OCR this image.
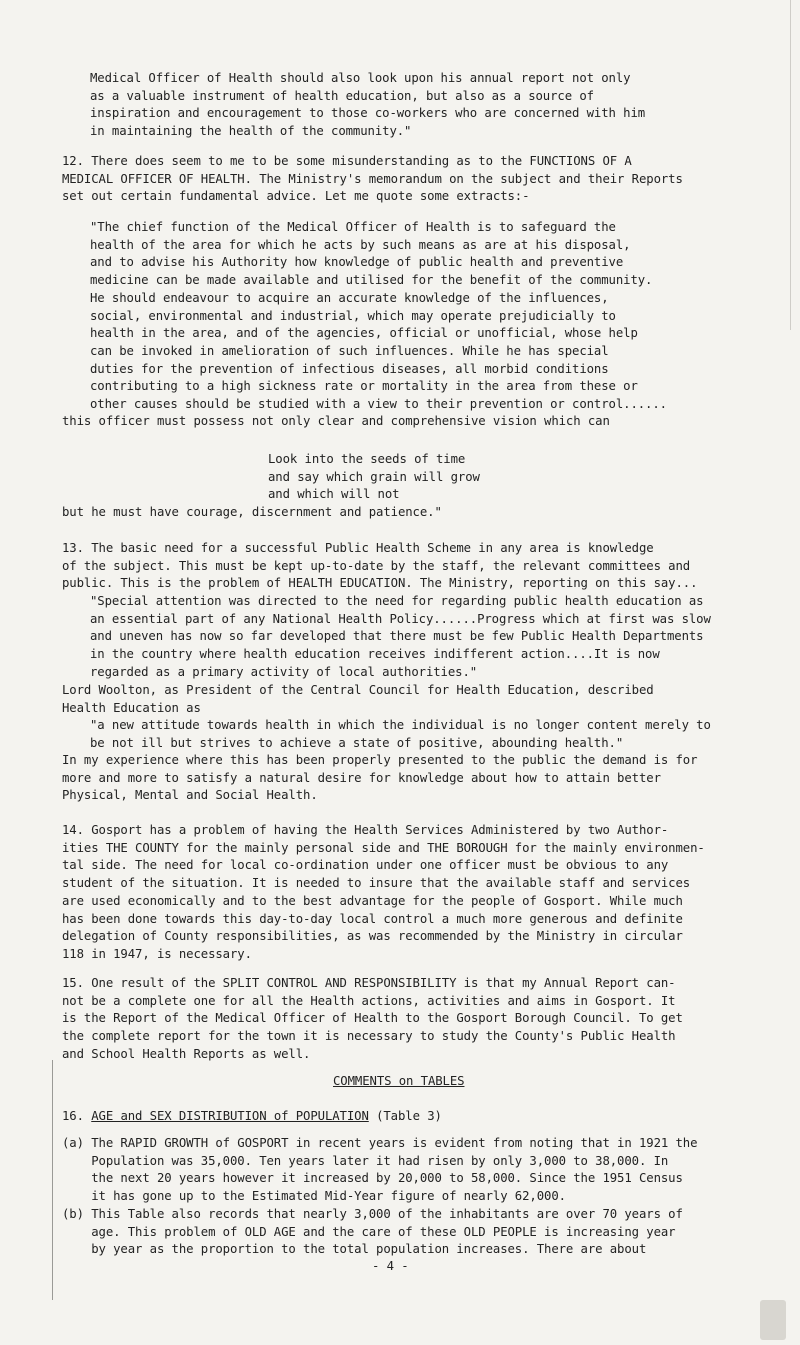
Medical Officer of Health should also look upon his annual report not only
as a valuable instrument of health education, but also as a source of
inspiration and encouragement to those co-workers who are concerned with him
in maintaining the health of the community."
12. There does seem to me to be some misunderstanding as to the FUNCTIONS OF A
MEDICAL OFFICER OF HEALTH. The Ministry's memorandum on the subject and their Reports
set out certain fundamental advice. Let me quote some extracts:-
"The chief function of the Medical Officer of Health is to safeguard the
health of the area for which he acts by such means as are at his disposal,
and to advise his Authority how knowledge of public health and preventive
medicine can be made available and utilised for the benefit of the community.
He should endeavour to acquire an accurate knowledge of the influences,
social, environmental and industrial, which may operate prejudicially to
health in the area, and of the agencies, official or unofficial, whose help
can be invoked in amelioration of such influences. While he has special
duties for the prevention of infectious diseases, all morbid conditions
contributing to a high sickness rate or mortality in the area from these or
other causes should be studied with a view to their prevention or control......
this officer must possess not only clear and comprehensive vision which can
Look into the seeds of time
and say which grain will grow
and which will not
but he must have courage, discernment and patience."
13. The basic need for a successful Public Health Scheme in any area is knowledge
of the subject. This must be kept up-to-date by the staff, the relevant committees and
public. This is the problem of HEALTH EDUCATION. The Ministry, reporting on this say...
"Special attention was directed to the need for regarding public health education as
an essential part of any National Health Policy......Progress which at first was slow
and uneven has now so far developed that there must be few Public Health Departments
in the country where health education receives indifferent action....It is now
regarded as a primary activity of local authorities."
Lord Woolton, as President of the Central Council for Health Education, described
Health Education as
"a new attitude towards health in which the individual is no longer content merely to
be not ill but strives to achieve a state of positive, abounding health."
In my experience where this has been properly presented to the public the demand is for
more and more to satisfy a natural desire for knowledge about how to attain better
Physical, Mental and Social Health.
14. Gosport has a problem of having the Health Services Administered by two Author-
ities THE COUNTY for the mainly personal side and THE BOROUGH for the mainly environmen-
tal side. The need for local co-ordination under one officer must be obvious to any
student of the situation. It is needed to insure that the available staff and services
are used economically and to the best advantage for the people of Gosport. While much
has been done towards this day-to-day local control a much more generous and definite
delegation of County responsibilities, as was recommended by the Ministry in circular
118 in 1947, is necessary.
15. One result of the SPLIT CONTROL AND RESPONSIBILITY is that my Annual Report can-
not be a complete one for all the Health actions, activities and aims in Gosport. It
is the Report of the Medical Officer of Health to the Gosport Borough Council. To get
the complete report for the town it is necessary to study the County's Public Health
and School Health Reports as well.
COMMENTS on TABLES
16. AGE and SEX DISTRIBUTION of POPULATION (Table 3)
(a) The RAPID GROWTH of GOSPORT in recent years is evident from noting that in 1921 the
Population was 35,000. Ten years later it had risen by only 3,000 to 38,000. In
the next 20 years however it increased by 20,000 to 58,000. Since the 1951 Census
it has gone up to the Estimated Mid-Year figure of nearly 62,000.
(b) This Table also records that nearly 3,000 of the inhabitants are over 70 years of
age. This problem of OLD AGE and the care of these OLD PEOPLE is increasing year
by year as the proportion to the total population increases. There are about
- 4 -
